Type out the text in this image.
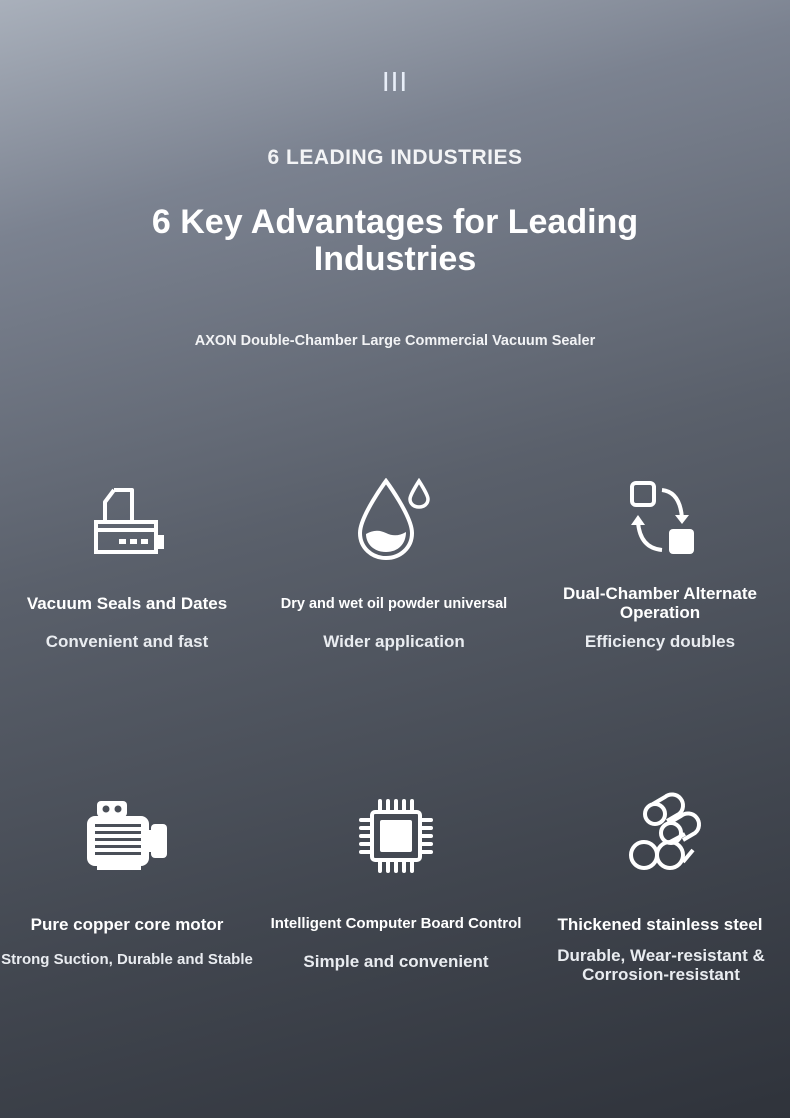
III
6 LEADING INDUSTRIES
6 Key Advantages for Leading Industries
AXON Double-Chamber Large Commercial Vacuum Sealer
Vacuum Seals and Dates
Convenient and fast
Dry and wet oil powder universal
Wider application
Dual-Chamber Alternate Operation
Efficiency doubles
Pure copper core motor
Strong Suction, Durable and Stable
Intelligent Computer Board Control
Simple and convenient
Thickened stainless steel
Durable, Wear-resistant & Corrosion-resistant
